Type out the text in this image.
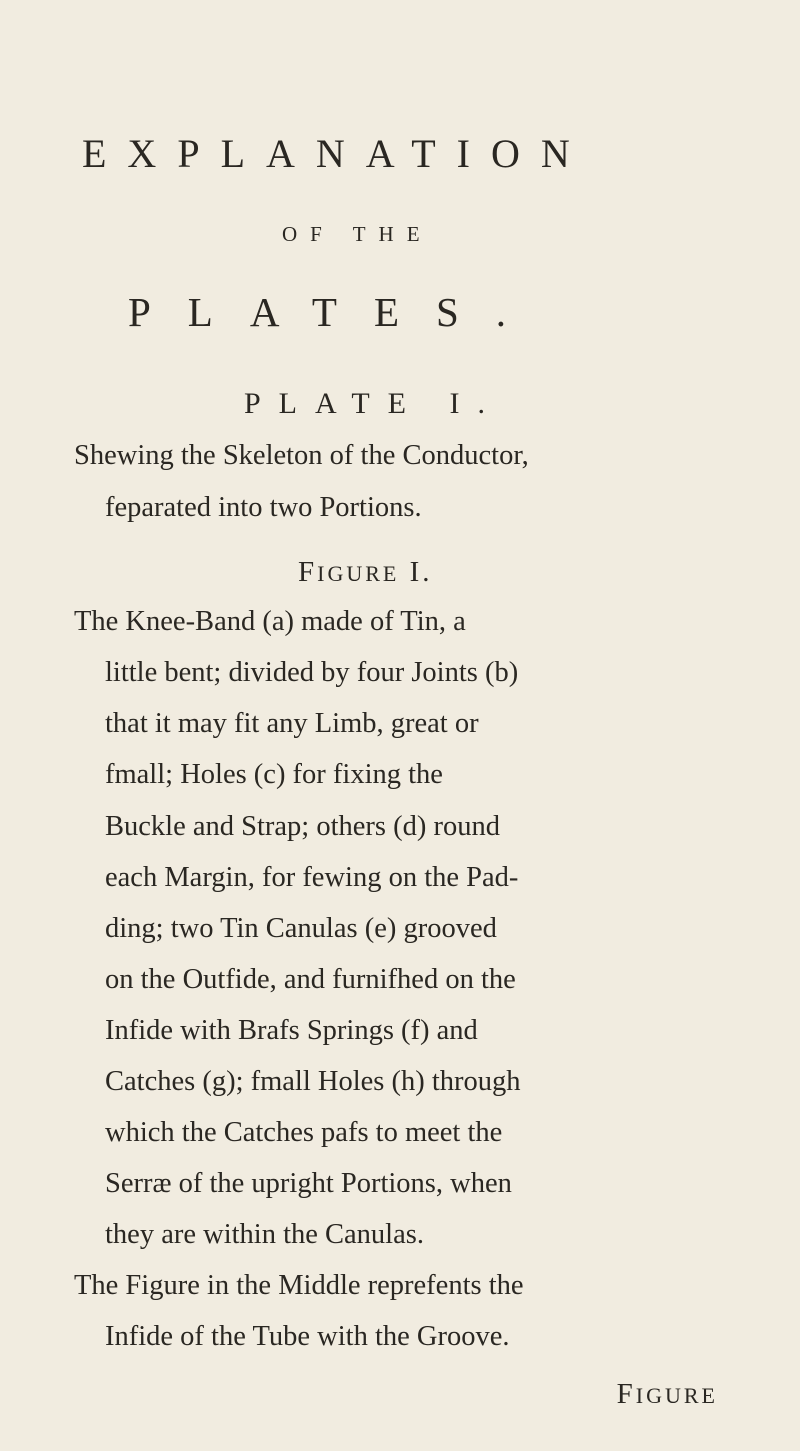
EXPLANATION
OF THE
PLATES.
PLATE I.
Shewing the Skeleton of the Conductor,
feparated into two Portions.
FIGURE I.
The Knee-Band (a) made of Tin, a
little bent; divided by four Joints (b)
that it may fit any Limb, great or
fmall; Holes (c) for fixing the
Buckle and Strap; others (d) round
each Margin, for fewing on the Pad-
ding; two Tin Canulas (e) grooved
on the Outfide, and furnifhed on the
Infide with Brafs Springs (f) and
Catches (g); fmall Holes (h) through
which the Catches pafs to meet the
Serræ of the upright Portions, when
they are within the Canulas.
The Figure in the Middle reprefents the
Infide of the Tube with the Groove.
FIGURE
